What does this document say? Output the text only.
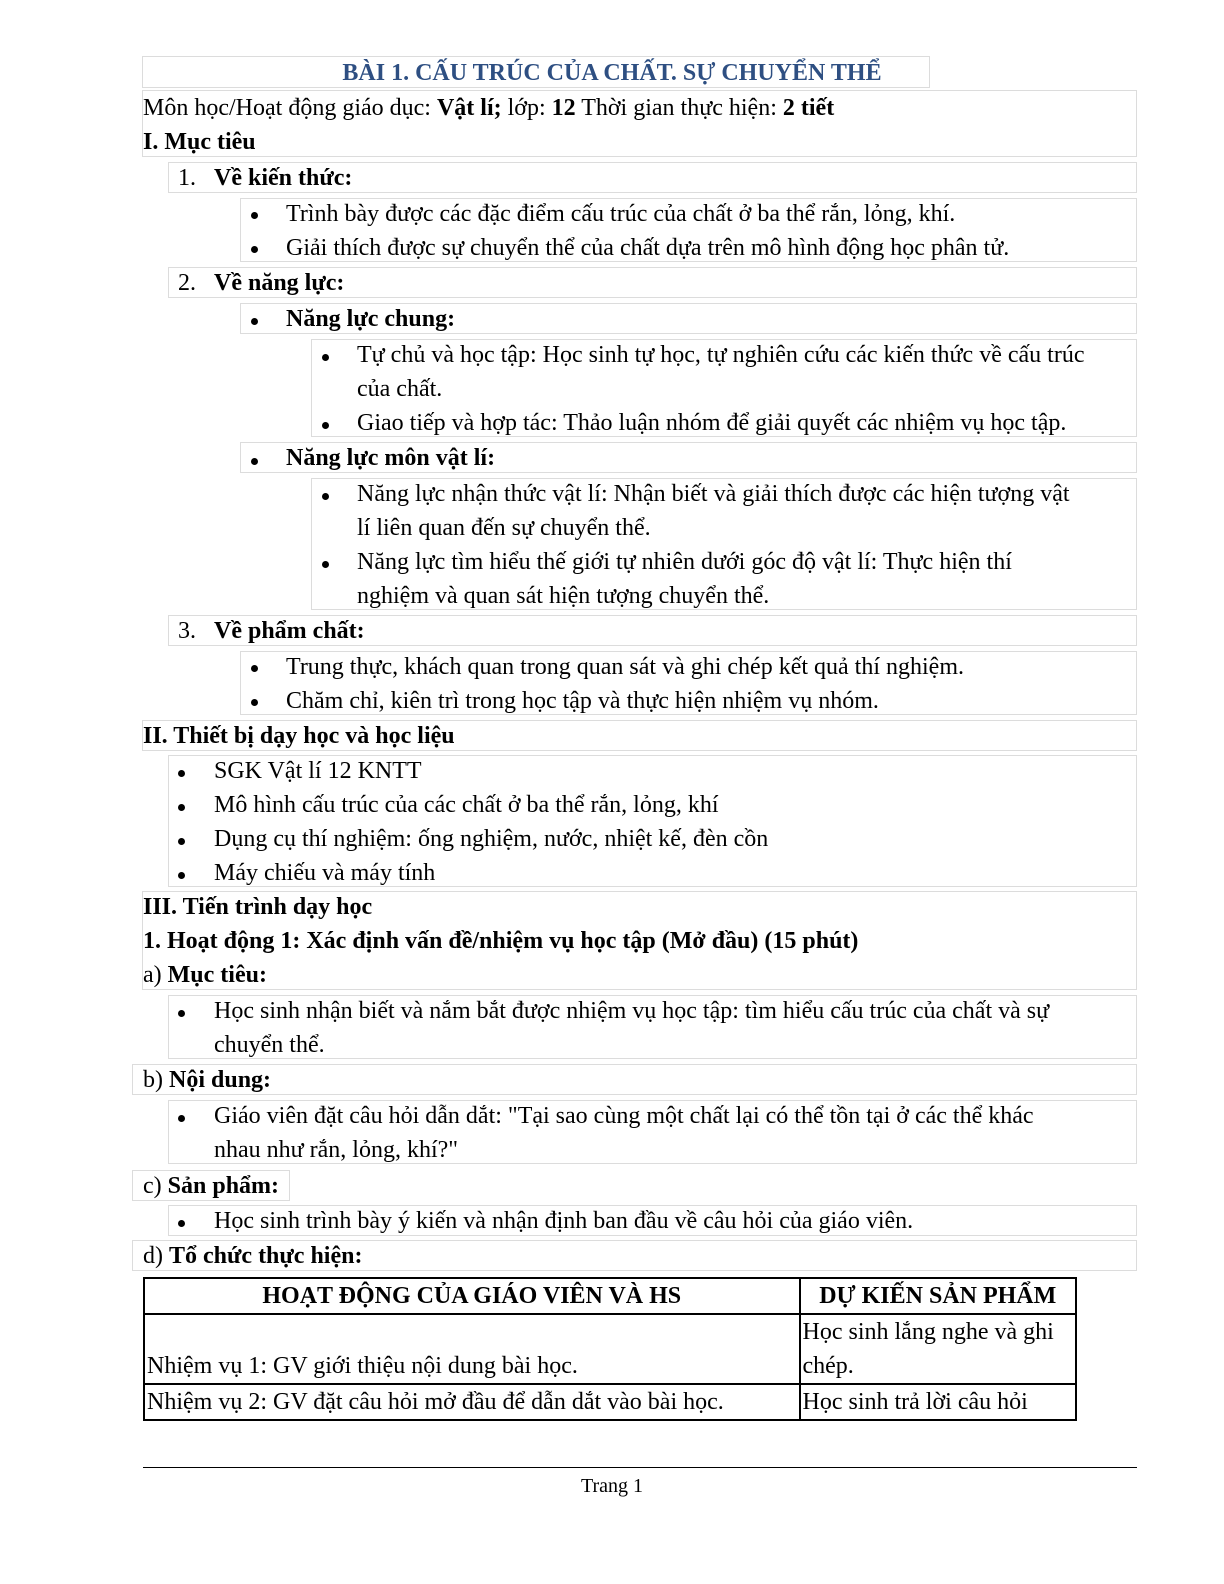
BÀI 1. CẤU TRÚC CỦA CHẤT. SỰ CHUYỂN THỂ
Môn học/Hoạt động giáo dục: Vật lí; lớp: 12 Thời gian thực hiện: 2 tiết
I. Mục tiêu
1. Về kiến thức:
Trình bày được các đặc điểm cấu trúc của chất ở ba thể rắn, lỏng, khí.
Giải thích được sự chuyển thể của chất dựa trên mô hình động học phân tử.
2. Về năng lực:
Năng lực chung:
Tự chủ và học tập: Học sinh tự học, tự nghiên cứu các kiến thức về cấu trúc
của chất.
Giao tiếp và hợp tác: Thảo luận nhóm để giải quyết các nhiệm vụ học tập.
Năng lực môn vật lí:
Năng lực nhận thức vật lí: Nhận biết và giải thích được các hiện tượng vật
lí liên quan đến sự chuyển thể.
Năng lực tìm hiểu thế giới tự nhiên dưới góc độ vật lí: Thực hiện thí
nghiệm và quan sát hiện tượng chuyển thể.
3. Về phẩm chất:
Trung thực, khách quan trong quan sát và ghi chép kết quả thí nghiệm.
Chăm chỉ, kiên trì trong học tập và thực hiện nhiệm vụ nhóm.
II. Thiết bị dạy học và học liệu
SGK Vật lí 12 KNTT
Mô hình cấu trúc của các chất ở ba thể rắn, lỏng, khí
Dụng cụ thí nghiệm: ống nghiệm, nước, nhiệt kế, đèn cồn
Máy chiếu và máy tính
III. Tiến trình dạy học
1. Hoạt động 1: Xác định vấn đề/nhiệm vụ học tập (Mở đầu) (15 phút)
a) Mục tiêu:
Học sinh nhận biết và nắm bắt được nhiệm vụ học tập: tìm hiểu cấu trúc của chất và sự
chuyển thể.
b) Nội dung:
Giáo viên đặt câu hỏi dẫn dắt: "Tại sao cùng một chất lại có thể tồn tại ở các thể khác
nhau như rắn, lỏng, khí?"
c) Sản phẩm:
Học sinh trình bày ý kiến và nhận định ban đầu về câu hỏi của giáo viên.
d) Tổ chức thực hiện:
HOẠT ĐỘNG CỦA GIÁO VIÊN VÀ HS	DỰ KIẾN SẢN PHẨM
Nhiệm vụ 1: GV giới thiệu nội dung bài học.	Học sinh lắng nghe và ghi
chép.
Nhiệm vụ 2: GV đặt câu hỏi mở đầu để dẫn dắt vào bài học.	Học sinh trả lời câu hỏi
Trang 1
